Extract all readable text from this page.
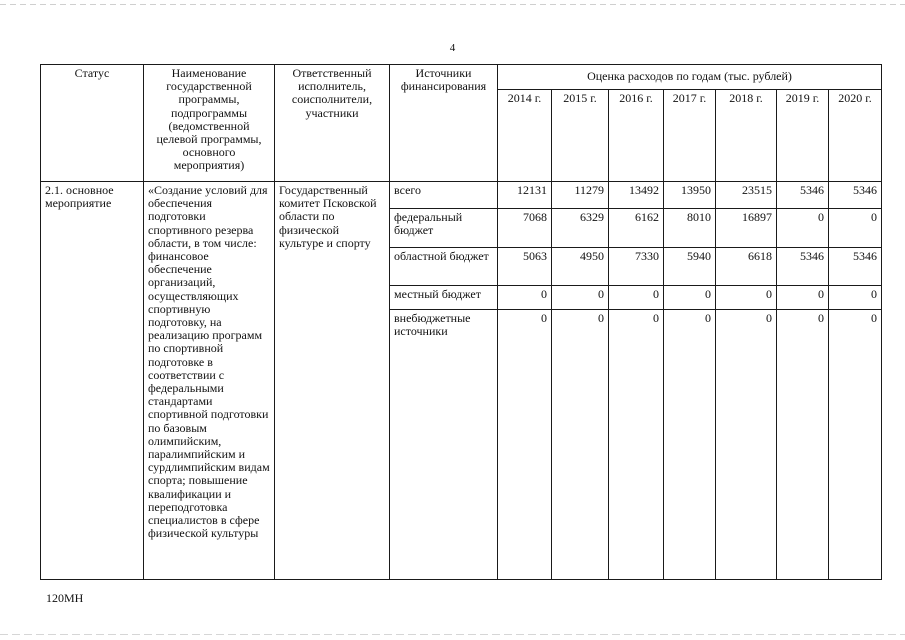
4
Статус	Наименование государственной программы, подпрограммы (ведомственной целевой программы, основного мероприятия)	Ответственный исполнитель, соисполнители, участники	Источники финансирования	Оценка расходов по годам (тыс. рублей)						
				2014 г.	2015 г.	2016 г.	2017 г.	2018 г.	2019 г.	2020 г.
2.1. основное мероприятие	«Создание условий для обеспечения подготовки спортивного резерва области, в том числе: финансовое обеспечение организаций, осуществляющих спортивную подготовку, на реализацию программ по спортивной подготовке в соответствии с федеральными стандартами спортивной подготовки по базовым олимпийским, паралимпийским и сурдлимпийским видам спорта; повышение квалификации и переподготовка специалистов в сфере физической культуры	Государственный комитет Псковской области по физической культуре и спорту	всего	12131	11279	13492	13950	23515	5346	5346
			федеральный бюджет	7068	6329	6162	8010	16897	0	0
			областной бюджет	5063	4950	7330	5940	6618	5346	5346
			местный бюджет	0	0	0	0	0	0	0
			внебюджетные источники	0	0	0	0	0	0	0
120МН
